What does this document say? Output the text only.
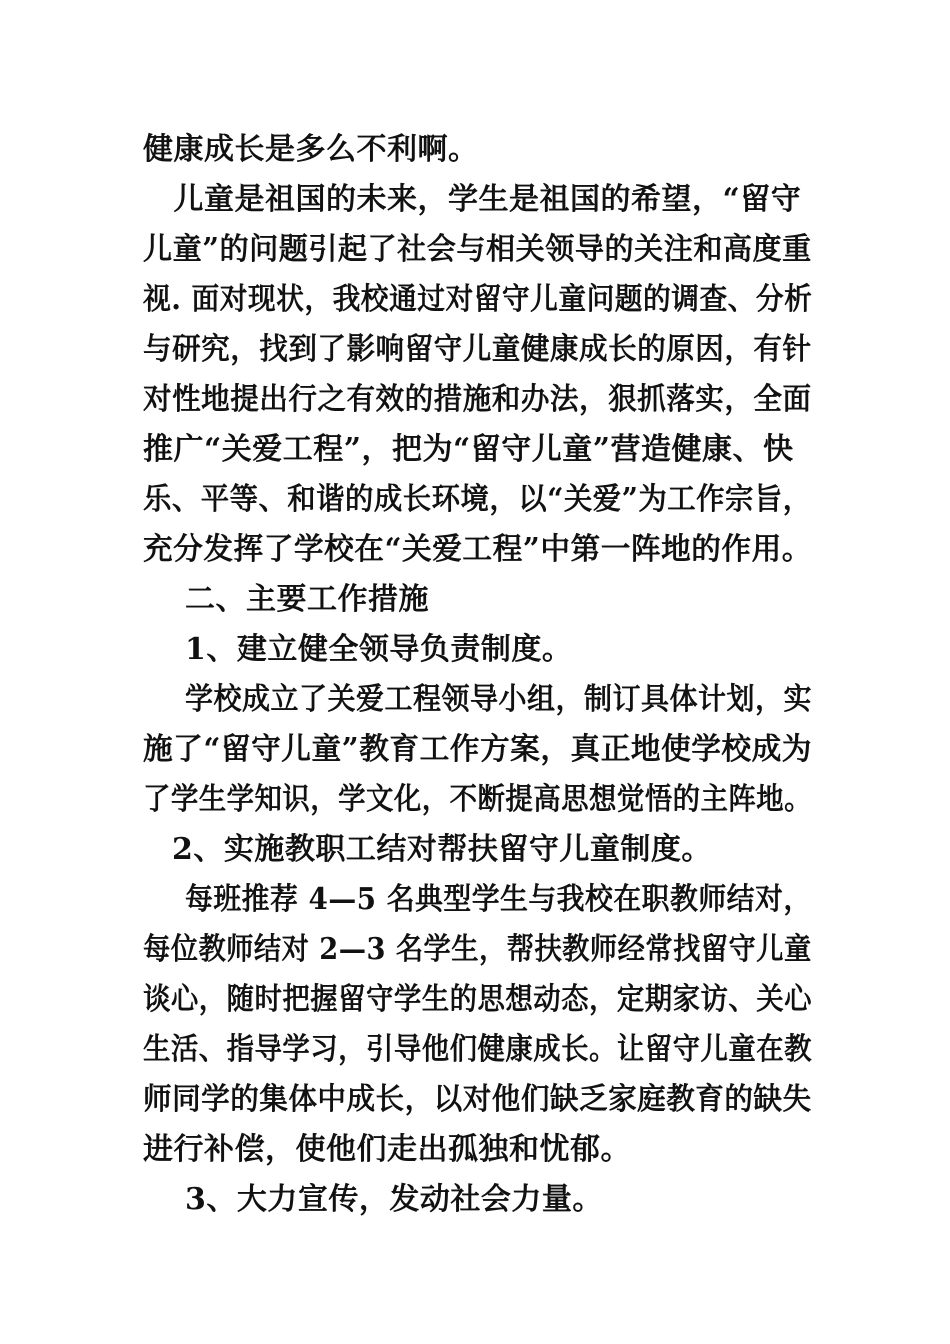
健康成长是多么不利啊。
　儿童是祖国的未来，学生是祖国的希望，“留守
儿童”的问题引起了社会与相关领导的关注和高度重
视. 面对现状，我校通过对留守儿童问题的调查、分析
与研究，找到了影响留守儿童健康成长的原因，有针
对性地提出行之有效的措施和办法，狠抓落实，全面
推广“关爱工程”，把为“留守儿童”营造健康、快
乐、平等、和谐的成长环境，以“关爱”为工作宗旨，
充分发挥了学校在“关爱工程”中第一阵地的作用。
二、主要工作措施
1、建立健全领导负责制度。
学校成立了关爱工程领导小组，制订具体计划，实
施了“留守儿童”教育工作方案，真正地使学校成为
了学生学知识，学文化，不断提高思想觉悟的主阵地。
2、实施教职工结对帮扶留守儿童制度。
每班推荐 4—5 名典型学生与我校在职教师结对，
每位教师结对 2—3 名学生，帮扶教师经常找留守儿童
谈心，随时把握留守学生的思想动态，定期家访、关心
生活、指导学习，引导他们健康成长。让留守儿童在教
师同学的集体中成长，以对他们缺乏家庭教育的缺失
进行补偿，使他们走出孤独和忧郁。
3、大力宣传，发动社会力量。
